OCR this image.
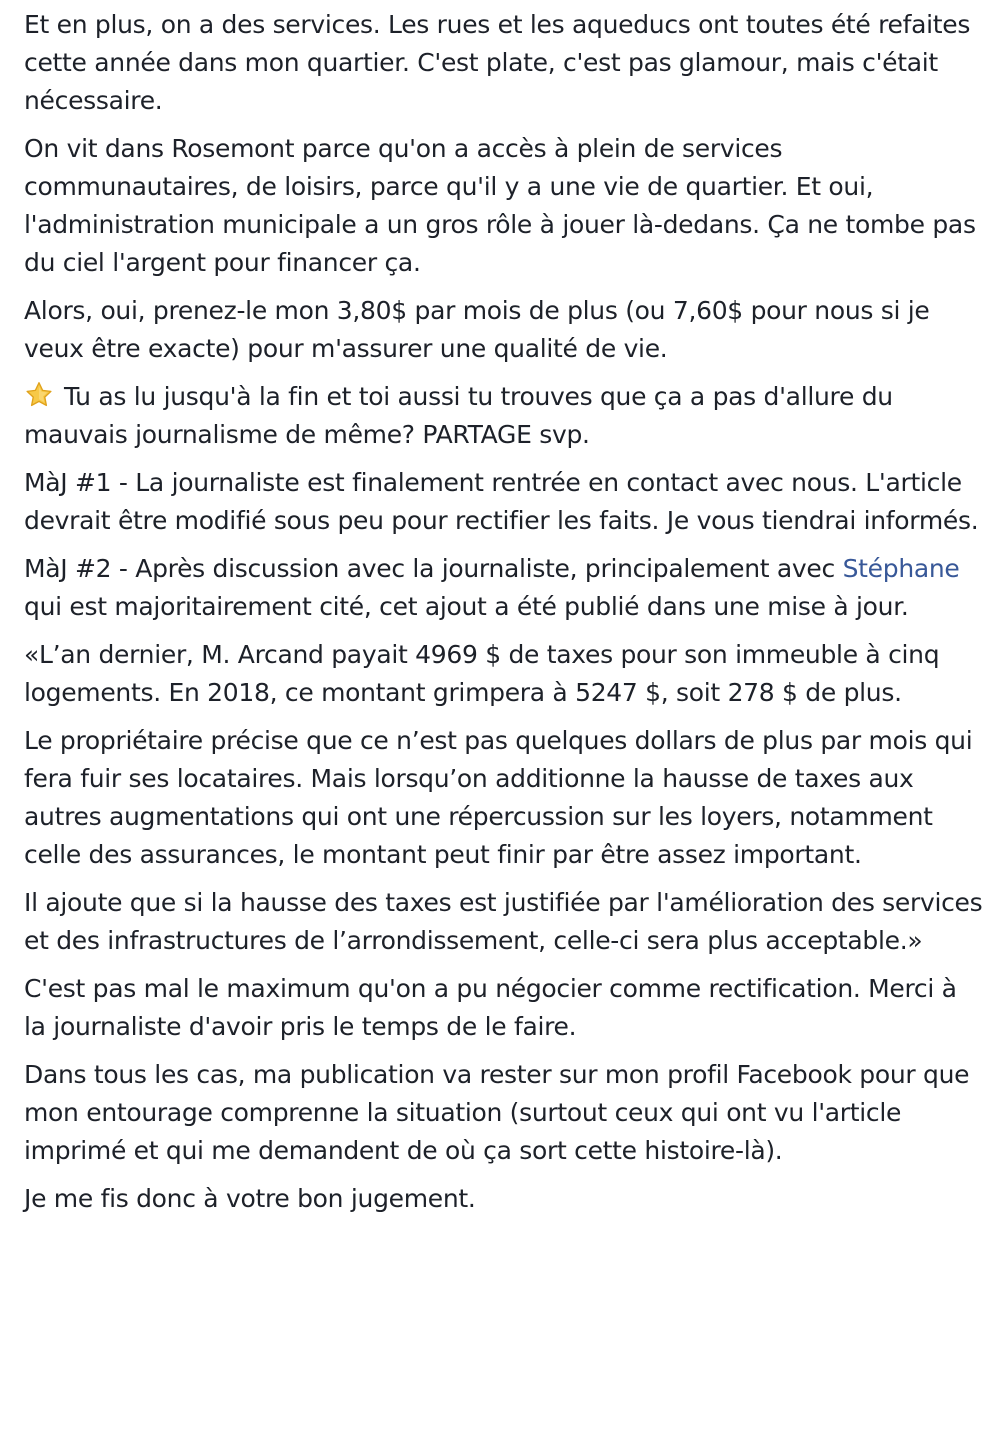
Et en plus, on a des services. Les rues et les aqueducs ont toutes été refaites cette année dans mon quartier. C'est plate, c'est pas glamour, mais c'était nécessaire.

On vit dans Rosemont parce qu'on a accès à plein de services communautaires, de loisirs, parce qu'il y a une vie de quartier. Et oui, l'administration municipale a un gros rôle à jouer là-dedans. Ça ne tombe pas du ciel l'argent pour financer ça.

Alors, oui, prenez-le mon 3,80$ par mois de plus (ou 7,60$ pour nous si je veux être exacte) pour m'assurer une qualité de vie.

Tu as lu jusqu'à la fin et toi aussi tu trouves que ça a pas d'allure du mauvais journalisme de même? PARTAGE svp.

MàJ #1 - La journaliste est finalement rentrée en contact avec nous. L'article devrait être modifié sous peu pour rectifier les faits. Je vous tiendrai informés.

MàJ #2 - Après discussion avec la journaliste, principalement avec Stéphane qui est majoritairement cité, cet ajout a été publié dans une mise à jour.

«L’an dernier, M. Arcand payait 4969 $ de taxes pour son immeuble à cinq logements. En 2018, ce montant grimpera à 5247 $, soit 278 $ de plus.

Le propriétaire précise que ce n’est pas quelques dollars de plus par mois qui fera fuir ses locataires. Mais lorsqu’on additionne la hausse de taxes aux autres augmentations qui ont une répercussion sur les loyers, notamment celle des assurances, le montant peut finir par être assez important.

Il ajoute que si la hausse des taxes est justifiée par l'amélioration des services et des infrastructures de l’arrondissement, celle-ci sera plus acceptable.»

C'est pas mal le maximum qu'on a pu négocier comme rectification. Merci à la journaliste d'avoir pris le temps de le faire.

Dans tous les cas, ma publication va rester sur mon profil Facebook pour que mon entourage comprenne la situation (surtout ceux qui ont vu l'article imprimé et qui me demandent de où ça sort cette histoire-là).

Je me fis donc à votre bon jugement.
